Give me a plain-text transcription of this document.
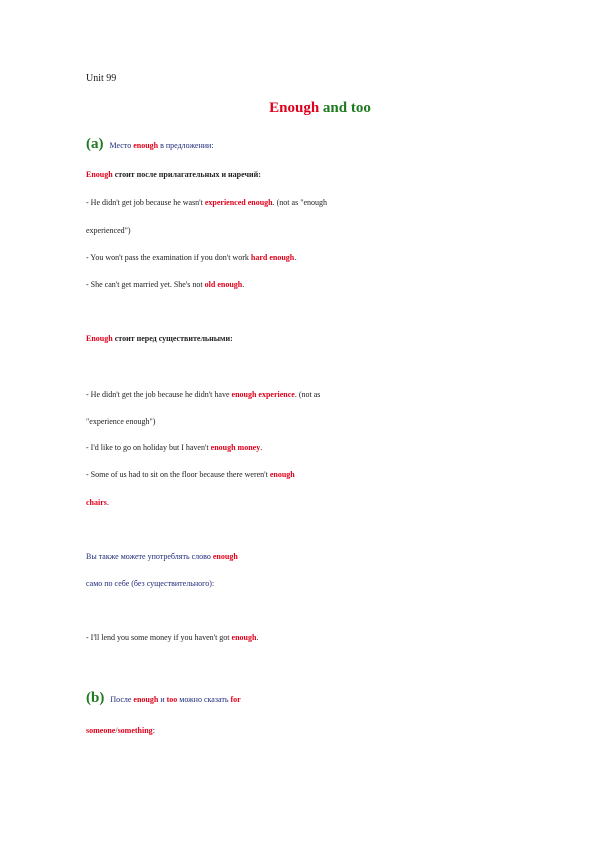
Unit 99
Enough and too
(a) Место enough в предложении:
Enough стоит после прилагательных и наречий:
- He didn't get job because he wasn't experienced enough. (not as "enough
experienced")
- You won't pass the examination if you don't work hard enough.
- She can't get married yet. She's not old enough.
Enough стоит перед существительными:
- He didn't get the job because he didn't have enough experience. (not as
"experience enough")
- I'd like to go on holiday but I haven't enough money.
- Some of us had to sit on the floor because there weren't enough
chairs.
Вы также можете употреблять слово enough
само по себе (без существительного):
- I'll lend you some money if you haven't got enough.
(b) После enough и too можно сказать for
someone/something:
